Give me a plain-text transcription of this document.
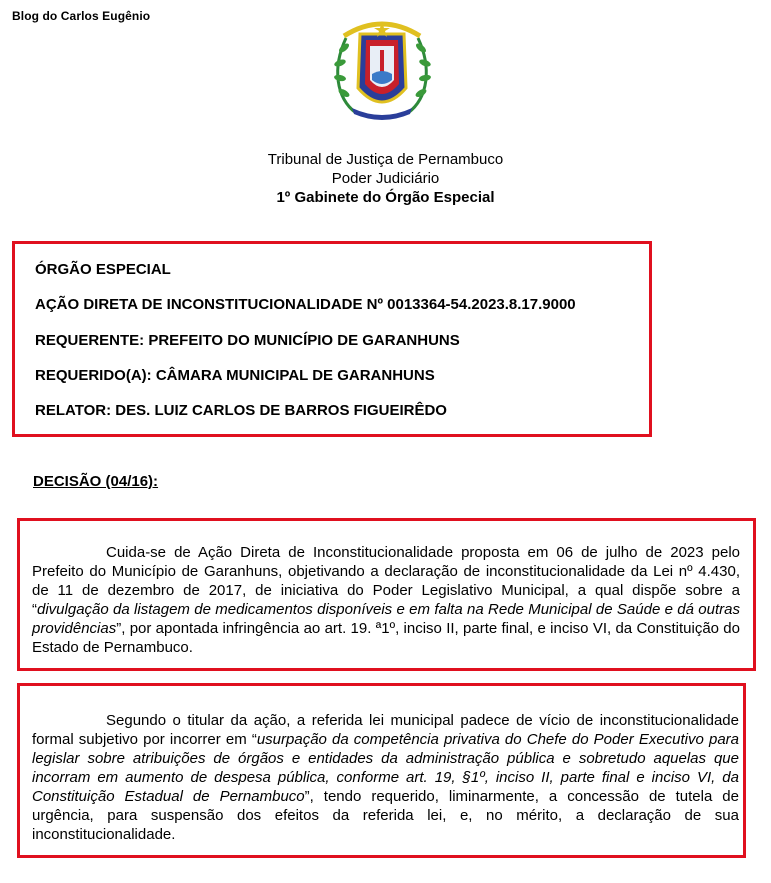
Blog do Carlos Eugênio
Tribunal de Justiça de Pernambuco
Poder Judiciário
1º Gabinete do Órgão Especial
ÓRGÃO ESPECIAL
AÇÃO DIRETA DE INCONSTITUCIONALIDADE Nº 0013364-54.2023.8.17.9000
REQUERENTE: PREFEITO DO MUNICÍPIO DE GARANHUNS
REQUERIDO(A): CÂMARA MUNICIPAL DE GARANHUNS
RELATOR: DES. LUIZ CARLOS DE BARROS FIGUEIRÊDO
DECISÃO (04/16):
Cuida-se de Ação Direta de Inconstitucionalidade proposta em 06 de julho de 2023 pelo Prefeito do Município de Garanhuns, objetivando a declaração de inconstitucionalidade da Lei nº 4.430, de 11 de dezembro de 2017, de iniciativa do Poder Legislativo Municipal, a qual dispõe sobre a “divulgação da listagem de medicamentos disponíveis e em falta na Rede Municipal de Saúde e dá outras providências”, por apontada infringência ao art. 19. ª1º, inciso II, parte final, e inciso VI, da Constituição do Estado de Pernambuco.
Segundo o titular da ação, a referida lei municipal padece de vício de inconstitucionalidade formal subjetivo por incorrer em “usurpação da competência privativa do Chefe do Poder Executivo para legislar sobre atribuições de órgãos e entidades da administração pública e sobretudo aquelas que incorram em aumento de despesa pública, conforme art. 19, §1º, inciso II, parte final e inciso VI, da Constituição Estadual de Pernambuco”, tendo requerido, liminarmente, a concessão de tutela de urgência, para suspensão dos efeitos da referida lei, e, no mérito, a declaração de sua inconstitucionalidade.
